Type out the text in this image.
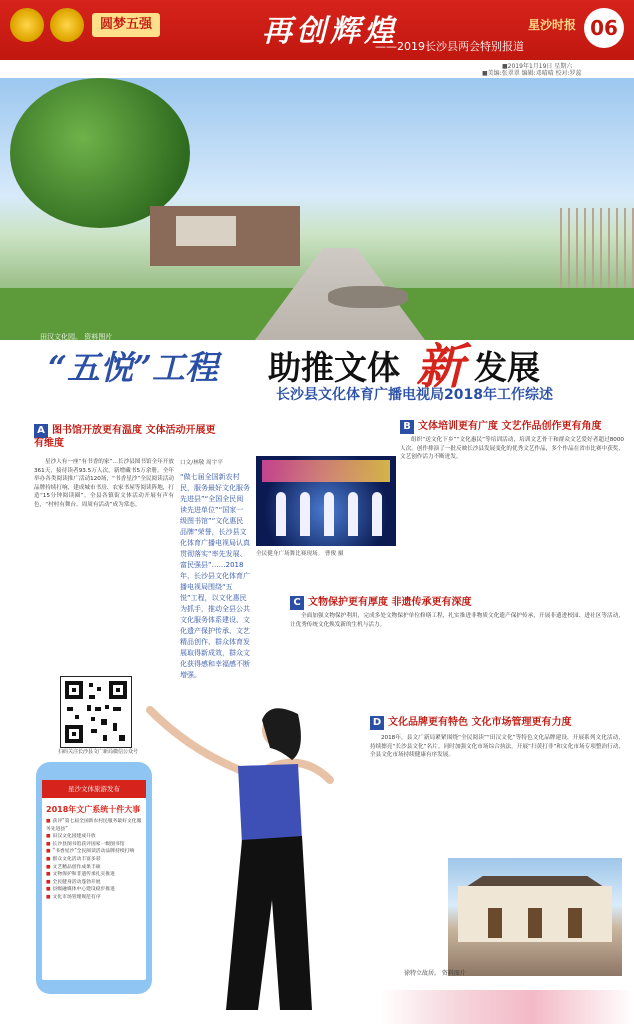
圆梦五强	再创辉煌
——2019长沙县两会特别报道
星沙时报 06
■2019年1月19日 星期六
■美编:张翠翠 编辑:邓晴晴 校对:罗蕊
田汉文化园。 资料图片
“五悦”工程 助推文体 新 发展
长沙县文化体育广播电视局2018年工作综述
A 图书馆开放更有温度 文体活动开展更有维度

星沙人有一座“有书香的家”…长沙县图书馆全年开放361天，接待读者93.5万人次，新增藏书5万余册。全年举办各类阅读推广活动120场，“书香星沙”全民阅读活动品牌持续打响，建成城市书房、农家书屋等阅读阵地，打造“15分钟阅读圈”。全县各镇街文体活动开展有声有色，“村村有舞台、周周有活动”成为常态。

口文/林敬 周宇平
“做七届全国新农村民，服务最好文化服务先进县”“全国全民阅读先进单位”“国家一级图书馆”“文化惠民品牌”荣誉，长沙县文化体育广播电视局认真贯彻落实“率先发展、富民强县”……2018年，长沙县文化体育广播电视局围绕“五悦”工程，以文化惠民为抓手，推动全县公共文化服务体系建设、文化遗产保护传承、文艺精品创作、群众体育发展取得新成效，群众文化获得感和幸福感不断增强。
全民健身广场舞比赛现场。 曹俊 摄
B 文体培训更有广度 文艺作品创作更有角度

组织“送文化下乡”“文化惠民”等培训活动，培训文艺骨干和群众文艺爱好者超过8000人次。创作排演了一批反映长沙县发展变化的优秀文艺作品，多个作品在省市比赛中获奖，文艺创作活力不断迸发。

C 文物保护更有厚度 非遗传承更有深度

全面加强文物保护利用，完成多处文物保护单位修缮工程，扎实推进非物质文化遗产保护传承，开展非遗进校园、进社区等活动，让优秀传统文化焕发新的生机与活力。

D 文化品牌更有特色 文化市场管理更有力度

2018年，县文广新局紧紧围绕“全民阅读”“田汉文化”等特色文化品牌建设，开展系列文化活动，持续擦亮“长沙县文化”名片。同时加强文化市场综合执法，开展“扫黄打非”和文化市场专项整治行动，全县文化市场持续健康有序发展。

扫码关注长沙县文广新局微信公众号
星沙文体旅游发布
2018年文广系统十件大事
■ 获评“第七届全国新农村民服务最好文化服务先进县”
■ 田汉文化园建成开放
■ 长沙县图书馆获评国家一级图书馆
■ “书香星沙”全民阅读活动品牌持续打响
■ 群众文化活动丰富多彩
■ 文艺精品创作成果丰硕
■ 文物保护和非遗传承扎实推进
■ 全民健身活动蓬勃开展
■ 县级融媒体中心建设稳步推进
■ 文化市场管理规范有序
徐特立故居。 资料图片
